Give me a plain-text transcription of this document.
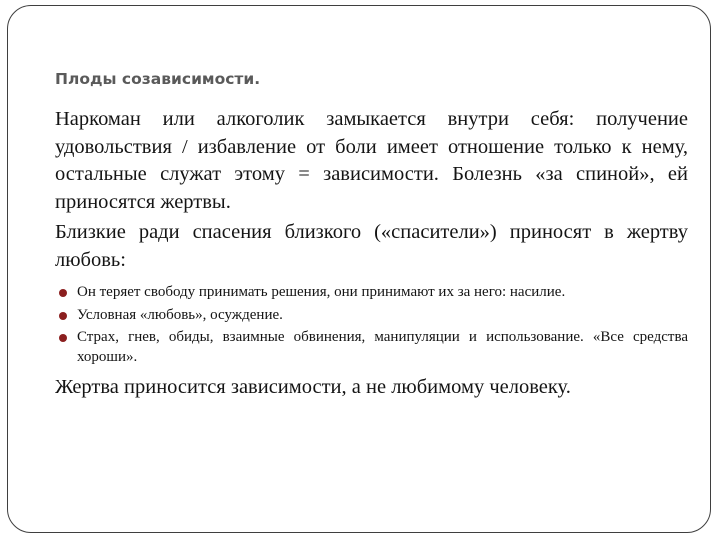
Плоды созависимости.

Наркоман или алкоголик замыкается внутри себя: получение удовольствия / избавление от боли имеет отношение только к нему, остальные служат этому = зависимости. Болезнь «за спиной», ей приносятся жертвы.

Близкие ради спасения близкого («спасители») приносят в жертву любовь:

Он теряет свободу принимать решения, они принимают их за него: насилие.
Условная «любовь», осуждение.
Страх, гнев, обиды, взаимные обвинения, манипуляции и использование. «Все средства хороши».

Жертва приносится зависимости, а не любимому человеку.
